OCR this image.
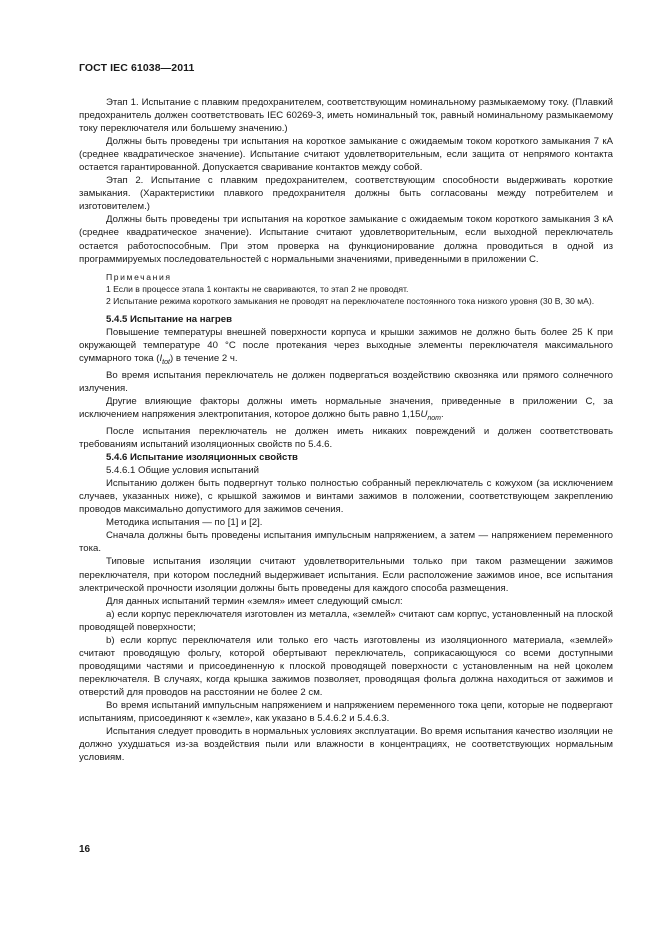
ГОСТ IEC 61038—2011

Этап 1. Испытание с плавким предохранителем, соответствующим номинальному размыкаемому току. (Плавкий предохранитель должен соответствовать IEC 60269-3, иметь номинальный ток, равный номинальному размыкаемому току переключателя или большему значению.)

Должны быть проведены три испытания на короткое замыкание с ожидаемым током короткого замыкания 7 кА (среднее квадратическое значение). Испытание считают удовлетворительным, если защита от непрямого контакта остается гарантированной. Допускается сваривание контактов между собой.

Этап 2. Испытание с плавким предохранителем, соответствующим способности выдерживать короткие замыкания. (Характеристики плавкого предохранителя должны быть согласованы между потребителем и изготовителем.)

Должны быть проведены три испытания на короткое замыкание с ожидаемым током короткого замыкания 3 кА (среднее квадратическое значение). Испытание считают удовлетворительным, если выходной переключатель остается работоспособным. При этом проверка на функционирование должна проводиться в одной из программируемых последовательностей с нормальными значениями, приведенными в приложении С.

Примечания

1 Если в процессе этапа 1 контакты не свариваются, то этап 2 не проводят.

2 Испытание режима короткого замыкания не проводят на переключателе постоянного тока низкого уровня (30 В, 30 мА).

5.4.5 Испытание на нагрев

Повышение температуры внешней поверхности корпуса и крышки зажимов не должно быть более 25 К при окружающей температуре 40 °С после протекания через выходные элементы переключателя максимального суммарного тока $(I_{tot})$ в течение 2 ч.

Во время испытания переключатель не должен подвергаться воздействию сквозняка или прямого солнечного излучения.

Другие влияющие факторы должны иметь нормальные значения, приведенные в приложении С, за исключением напряжения электропитания, которое должно быть равно $1,15U_{nom}$.

После испытания переключатель не должен иметь никаких повреждений и должен соответствовать требованиям испытаний изоляционных свойств по 5.4.6.

5.4.6 Испытание изоляционных свойств

5.4.6.1 Общие условия испытаний

Испытанию должен быть подвергнут только полностью собранный переключатель с кожухом (за исключением случаев, указанных ниже), с крышкой зажимов и винтами зажимов в положении, соответствующем закреплению проводов максимально допустимого для зажимов сечения.

Методика испытания — по [1] и [2].

Сначала должны быть проведены испытания импульсным напряжением, а затем — напряжением переменного тока.

Типовые испытания изоляции считают удовлетворительными только при таком размещении зажимов переключателя, при котором последний выдерживает испытания. Если расположение зажимов иное, все испытания электрической прочности изоляции должны быть проведены для каждого способа размещения.

Для данных испытаний термин «земля» имеет следующий смысл:

а) если корпус переключателя изготовлен из металла, «землей» считают сам корпус, установленный на плоской проводящей поверхности;

b) если корпус переключателя или только его часть изготовлены из изоляционного материала, «землей» считают проводящую фольгу, которой обертывают переключатель, соприкасающуюся со всеми доступными проводящими частями и присоединенную к плоской проводящей поверхности с установленным на ней цоколем переключателя. В случаях, когда крышка зажимов позволяет, проводящая фольга должна находиться от зажимов и отверстий для проводов на расстоянии не более 2 см.

Во время испытаний импульсным напряжением и напряжением переменного тока цепи, которые не подвергают испытаниям, присоединяют к «земле», как указано в 5.4.6.2 и 5.4.6.3.

Испытания следует проводить в нормальных условиях эксплуатации. Во время испытания качество изоляции не должно ухудшаться из-за воздействия пыли или влажности в концентрациях, не соответствующих нормальным условиям.

16
